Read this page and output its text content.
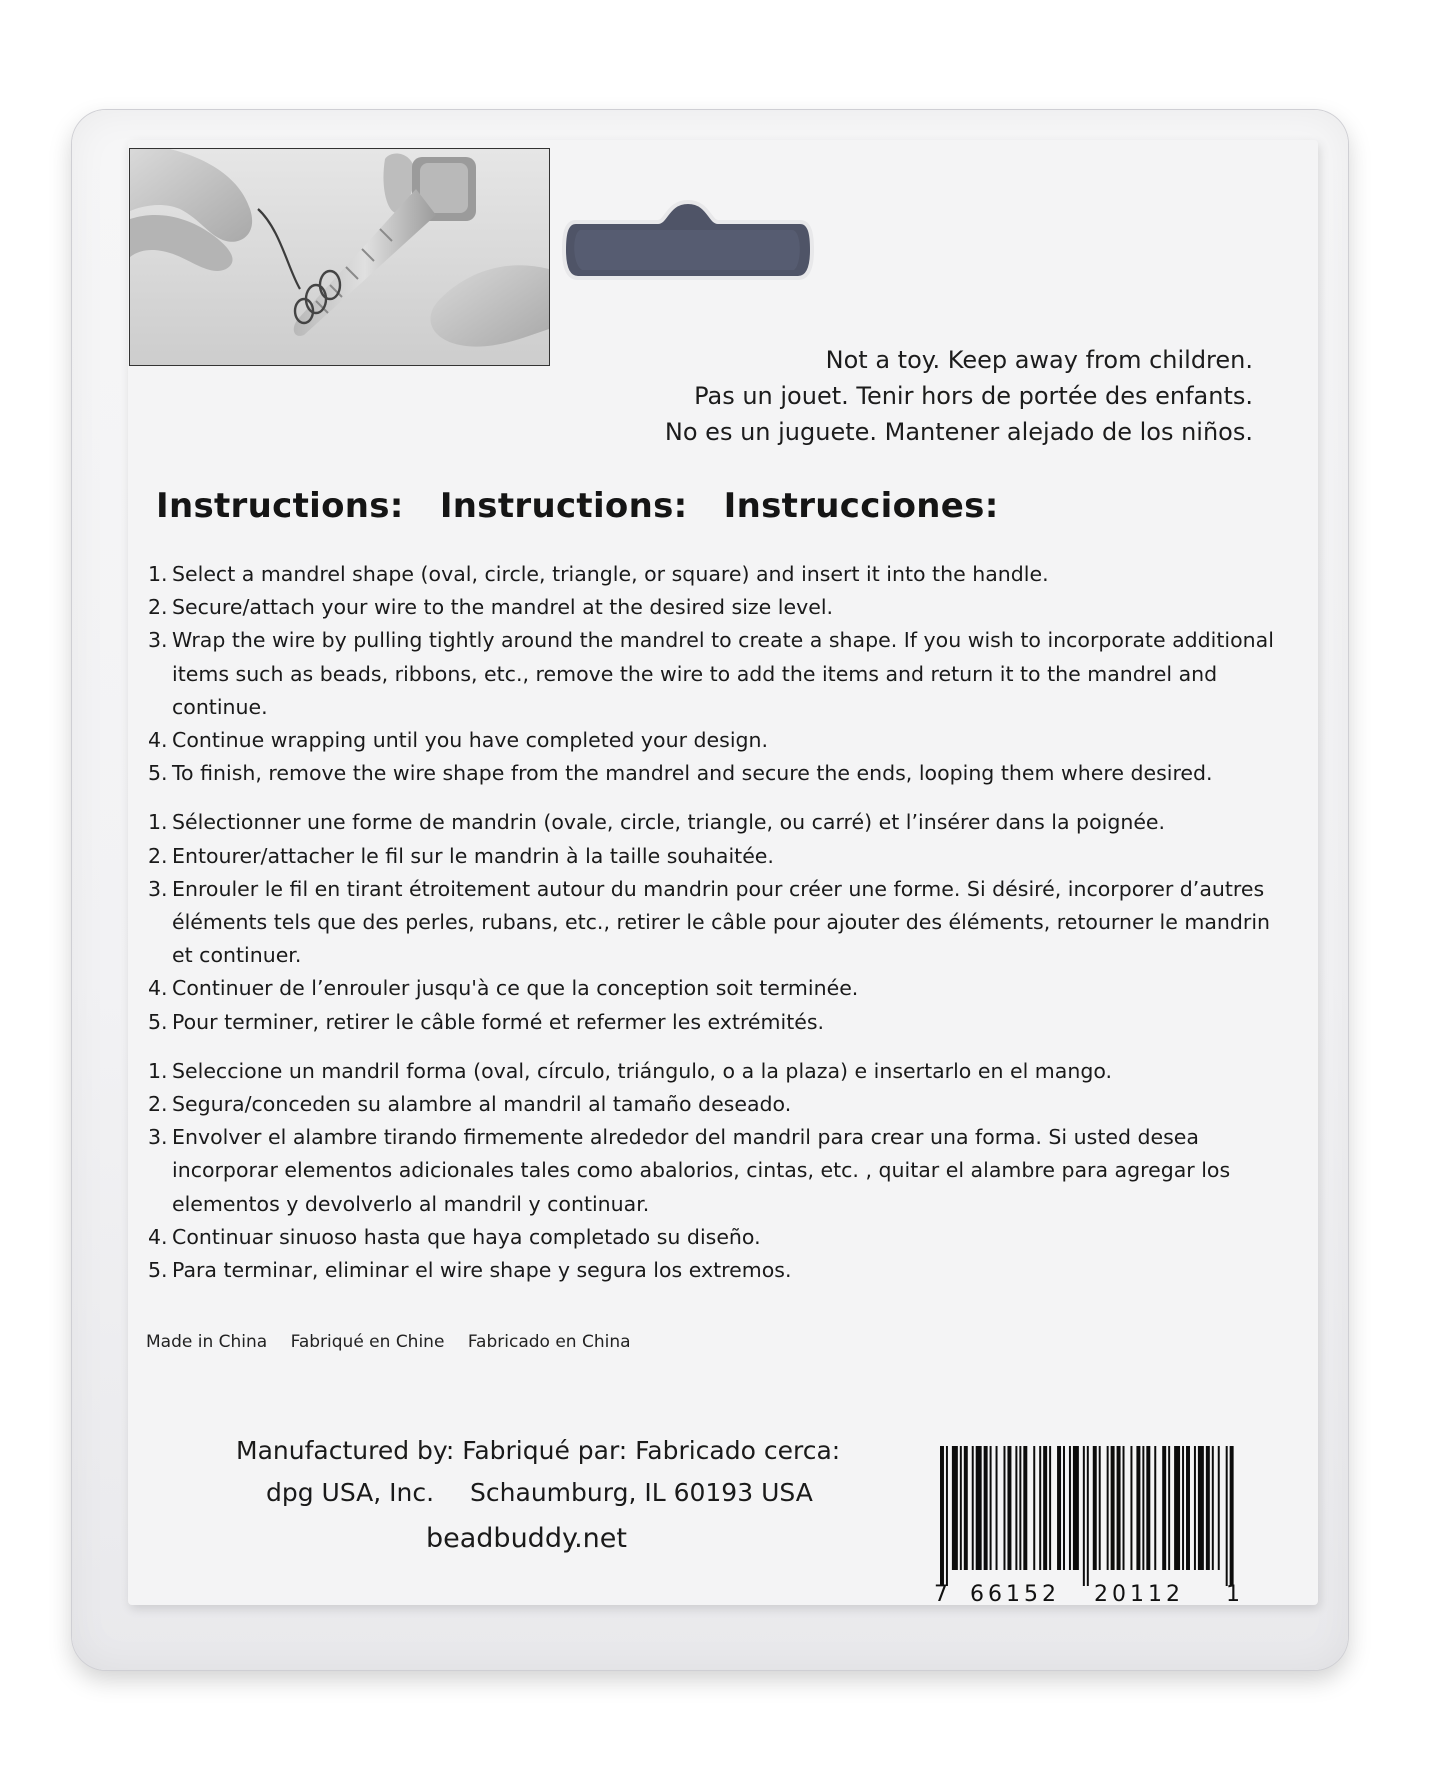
Not a toy. Keep away from children.
Pas un jouet. Tenir hors de portée des enfants.
No es un juguete. Mantener alejado de los niños.
Instructions: Instructions: Instrucciones:
1. Select a mandrel shape (oval, circle, triangle, or square) and insert it into the handle.
2. Secure/attach your wire to the mandrel at the desired size level.
3. Wrap the wire by pulling tightly around the mandrel to create a shape. If you wish to incorporate additional items such as beads, ribbons, etc., remove the wire to add the items and return it to the mandrel and continue.
4. Continue wrapping until you have completed your design.
5. To finish, remove the wire shape from the mandrel and secure the ends, looping them where desired.
1. Sélectionner une forme de mandrin (ovale, circle, triangle, ou carré) et l’insérer dans la poignée.
2. Entourer/attacher le fil sur le mandrin à la taille souhaitée.
3. Enrouler le fil en tirant étroitement autour du mandrin pour créer une forme. Si désiré, incorporer d’autres éléments tels que des perles, rubans, etc., retirer le câble pour ajouter des éléments, retourner le mandrin et continuer.
4. Continuer de l’enrouler jusqu'à ce que la conception soit terminée.
5. Pour terminer, retirer le câble formé et refermer les extrémités.
1. Seleccione un mandril forma (oval, círculo, triángulo, o a la plaza) e insertarlo en el mango.
2. Segura/conceden su alambre al mandril al tamaño deseado.
3. Envolver el alambre tirando firmemente alrededor del mandril para crear una forma. Si usted desea incorporar elementos adicionales tales como abalorios, cintas, etc. , quitar el alambre para agregar los elementos y devolverlo al mandril y continuar.
4. Continuar sinuoso hasta que haya completado su diseño.
5. Para terminar, eliminar el wire shape y segura los extremos.
Made in China Fabriqué en Chine Fabricado en China
Manufactured by: Fabriqué par: Fabricado cerca:
dpg USA, Inc. Schaumburg, IL 60193 USA
beadbuddy.net
7 66152 20112 1
